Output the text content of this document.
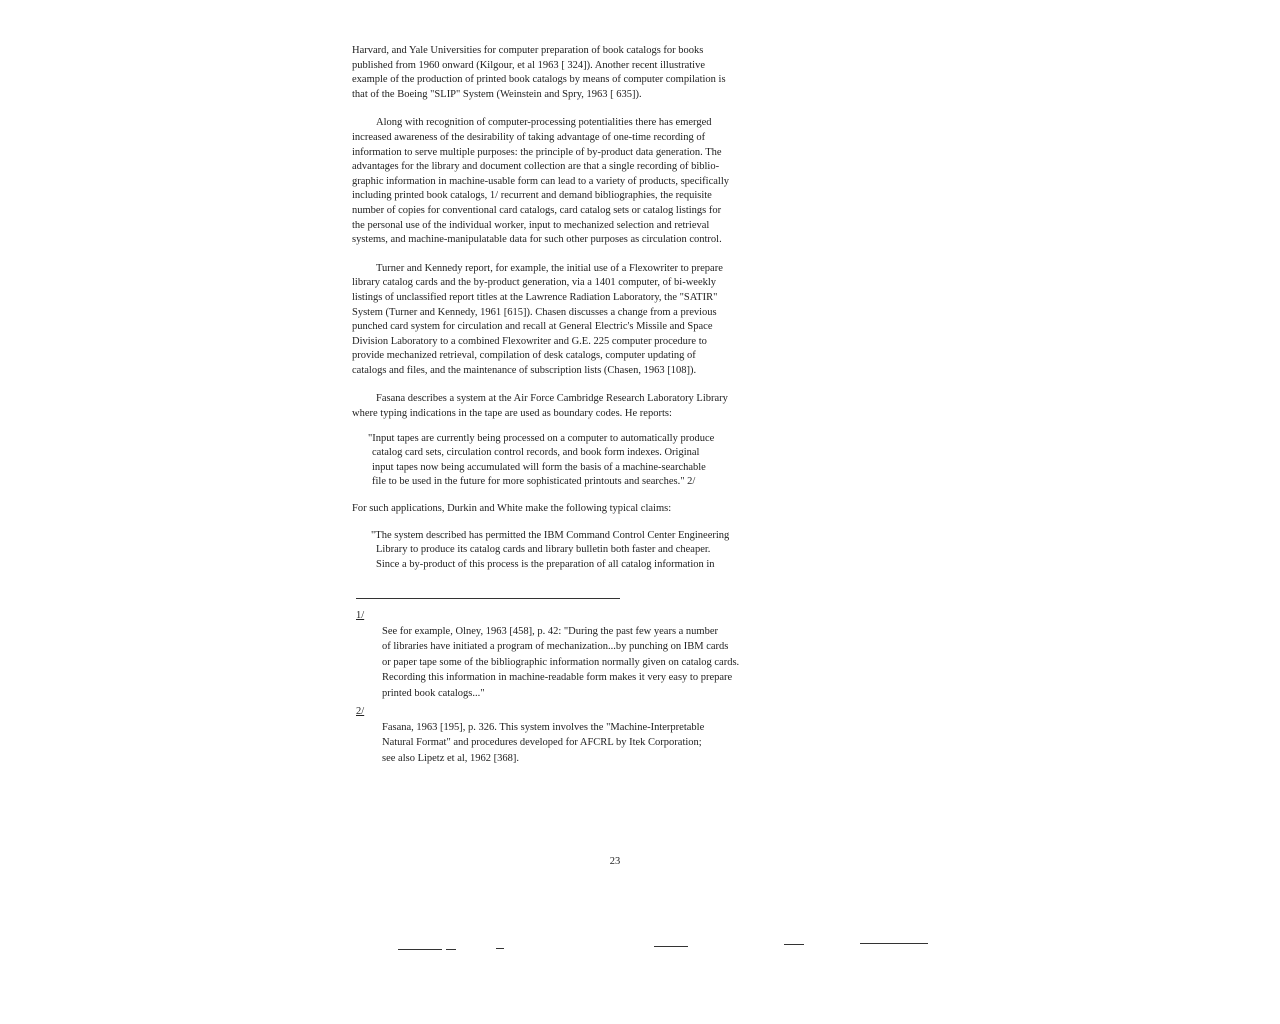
Harvard, and Yale Universities for computer preparation of book catalogs for books
published from 1960 onward (Kilgour, et al 1963 [ 324]). Another recent illustrative
example of the production of printed book catalogs by means of computer compilation is
that of the Boeing "SLIP" System (Weinstein and Spry, 1963 [ 635]).

Along with recognition of computer-processing potentialities there has emerged
increased awareness of the desirability of taking advantage of one-time recording of
information to serve multiple purposes: the principle of by-product data generation. The
advantages for the library and document collection are that a single recording of biblio-
graphic information in machine-usable form can lead to a variety of products, specifically
including printed book catalogs, 1/ recurrent and demand bibliographies, the requisite
number of copies for conventional card catalogs, card catalog sets or catalog listings for
the personal use of the individual worker, input to mechanized selection and retrieval
systems, and machine-manipulatable data for such other purposes as circulation control.

Turner and Kennedy report, for example, the initial use of a Flexowriter to prepare
library catalog cards and the by-product generation, via a 1401 computer, of bi-weekly
listings of unclassified report titles at the Lawrence Radiation Laboratory, the "SATIR"
System (Turner and Kennedy, 1961 [615]). Chasen discusses a change from a previous
punched card system for circulation and recall at General Electric's Missile and Space
Division Laboratory to a combined Flexowriter and G.E. 225 computer procedure to
provide mechanized retrieval, compilation of desk catalogs, computer updating of
catalogs and files, and the maintenance of subscription lists (Chasen, 1963 [108]).

Fasana describes a system at the Air Force Cambridge Research Laboratory Library
where typing indications in the tape are used as boundary codes. He reports:

"Input tapes are currently being processed on a computer to automatically produce
catalog card sets, circulation control records, and book form indexes. Original
input tapes now being accumulated will form the basis of a machine-searchable
file to be used in the future for more sophisticated printouts and searches." 2/

For such applications, Durkin and White make the following typical claims:

"The system described has permitted the IBM Command Control Center Engineering
Library to produce its catalog cards and library bulletin both faster and cheaper.
Since a by-product of this process is the preparation of all catalog information in

1/
See for example, Olney, 1963 [458], p. 42: "During the past few years a number
of libraries have initiated a program of mechanization...by punching on IBM cards
or paper tape some of the bibliographic information normally given on catalog cards.
Recording this information in machine-readable form makes it very easy to prepare
printed book catalogs..."
2/
Fasana, 1963 [195], p. 326. This system involves the "Machine-Interpretable
Natural Format" and procedures developed for AFCRL by Itek Corporation;
see also Lipetz et al, 1962 [368].
23
